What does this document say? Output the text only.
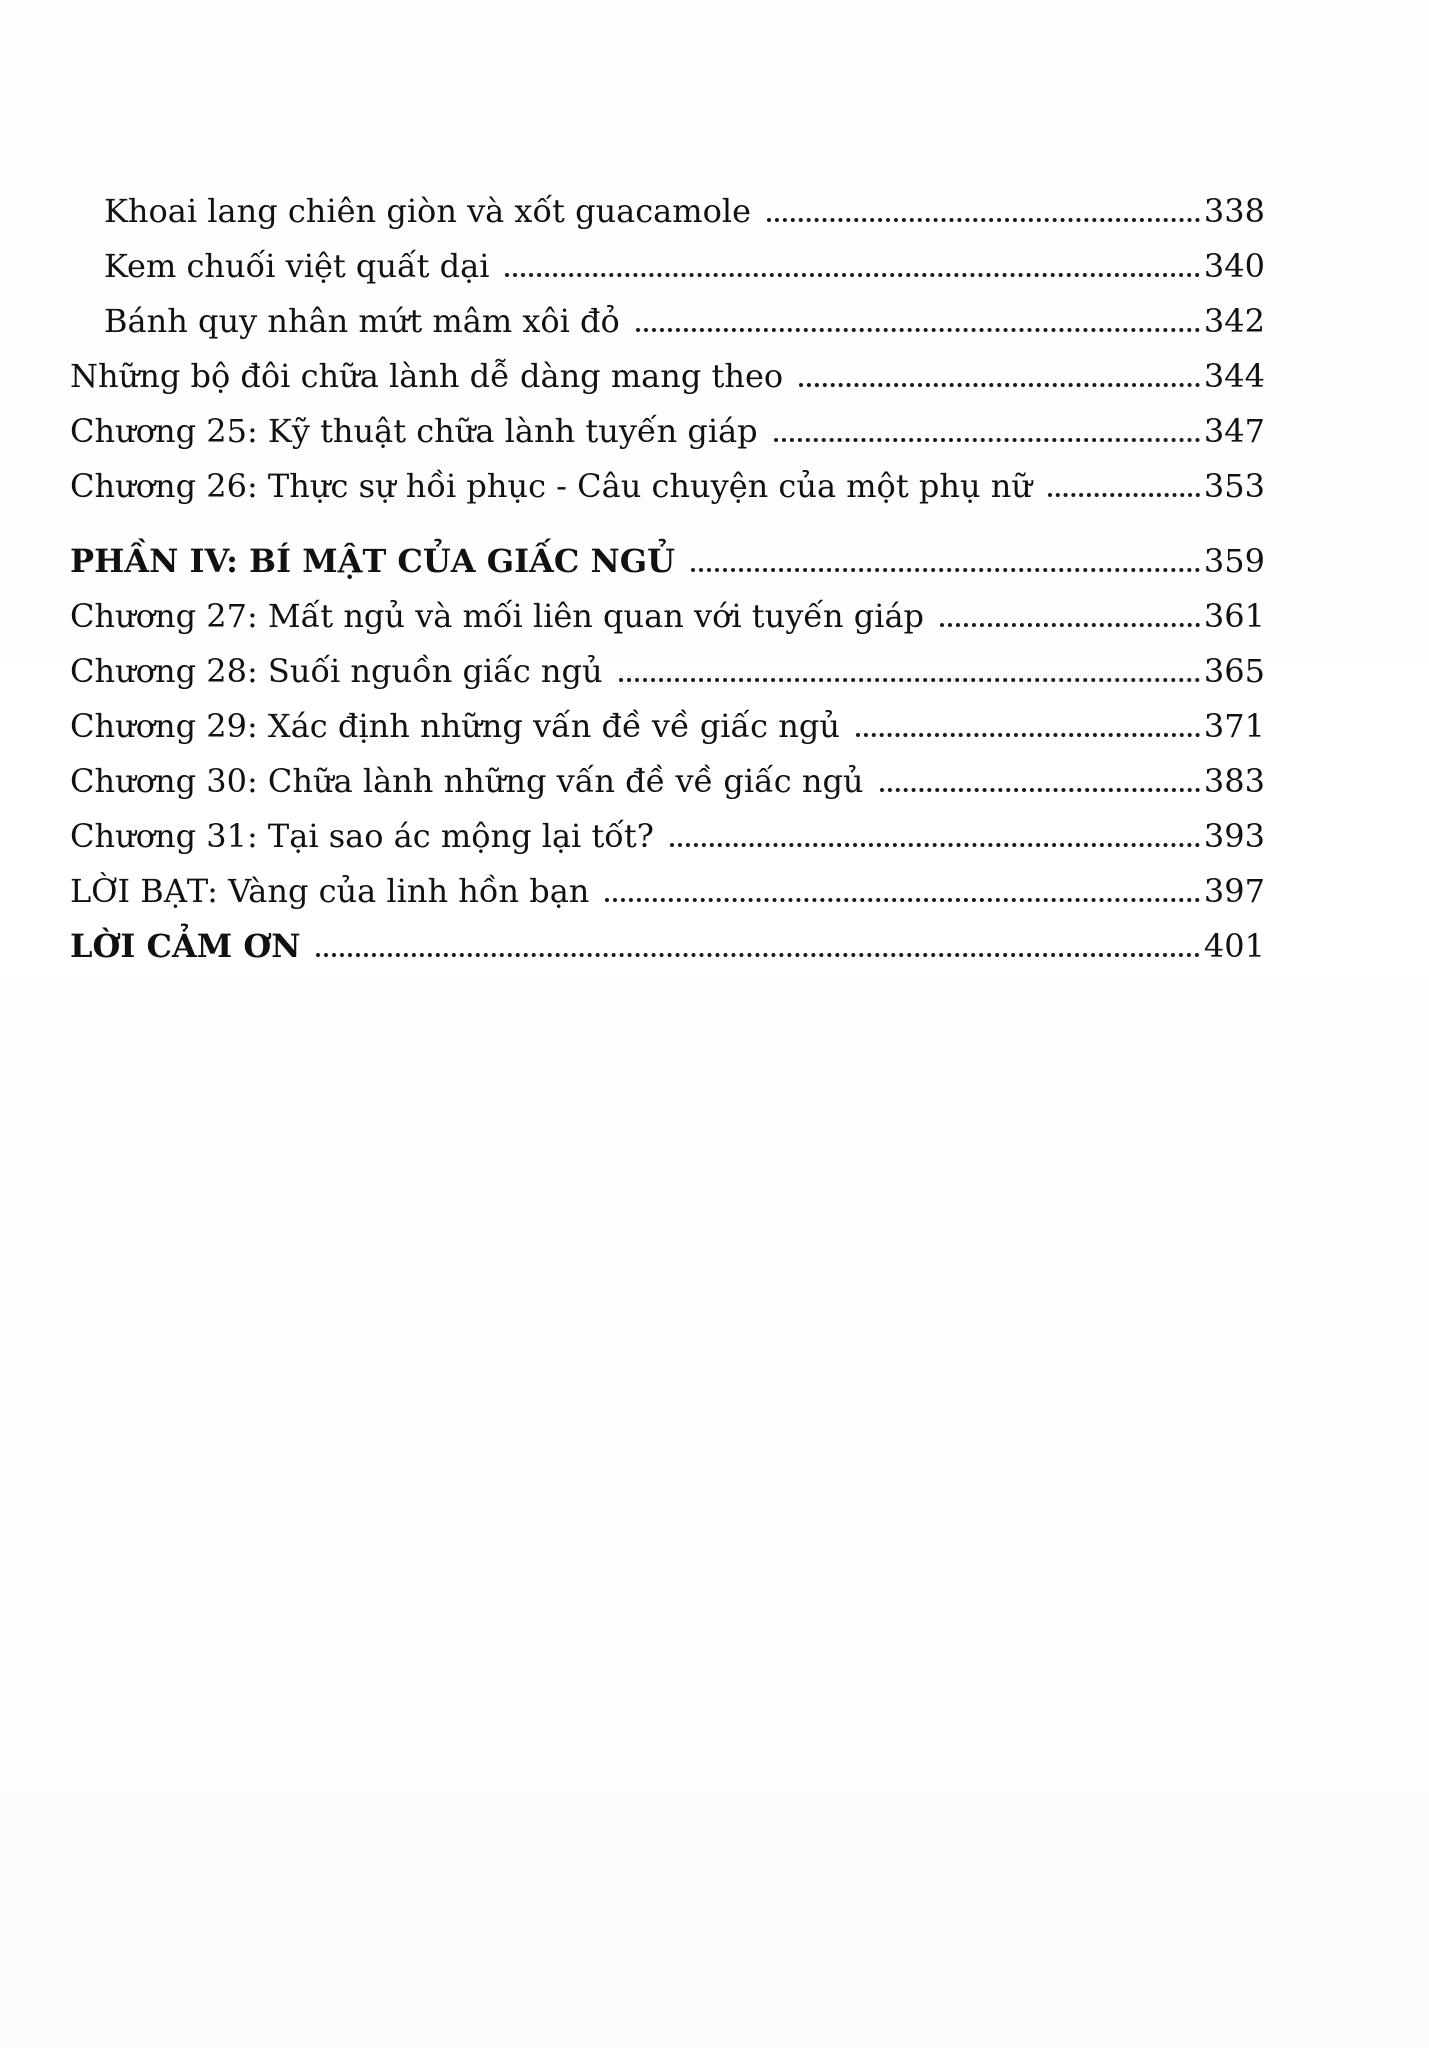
Khoai lang chiên giòn và xốt guacamole	338
Kem chuối việt quất dại	340
Bánh quy nhân mứt mâm xôi đỏ	342
Những bộ đôi chữa lành dễ dàng mang theo	344
Chương 25: Kỹ thuật chữa lành tuyến giáp	347
Chương 26: Thực sự hồi phục - Câu chuyện của một phụ nữ	353
PHẦN IV: BÍ MẬT CỦA GIẤC NGỦ	359
Chương 27: Mất ngủ và mối liên quan với tuyến giáp	361
Chương 28: Suối nguồn giấc ngủ	365
Chương 29: Xác định những vấn đề về giấc ngủ	371
Chương 30: Chữa lành những vấn đề về giấc ngủ	383
Chương 31: Tại sao ác mộng lại tốt?	393
LỜI BẠT: Vàng của linh hồn bạn	397
LỜI CẢM ƠN	401
